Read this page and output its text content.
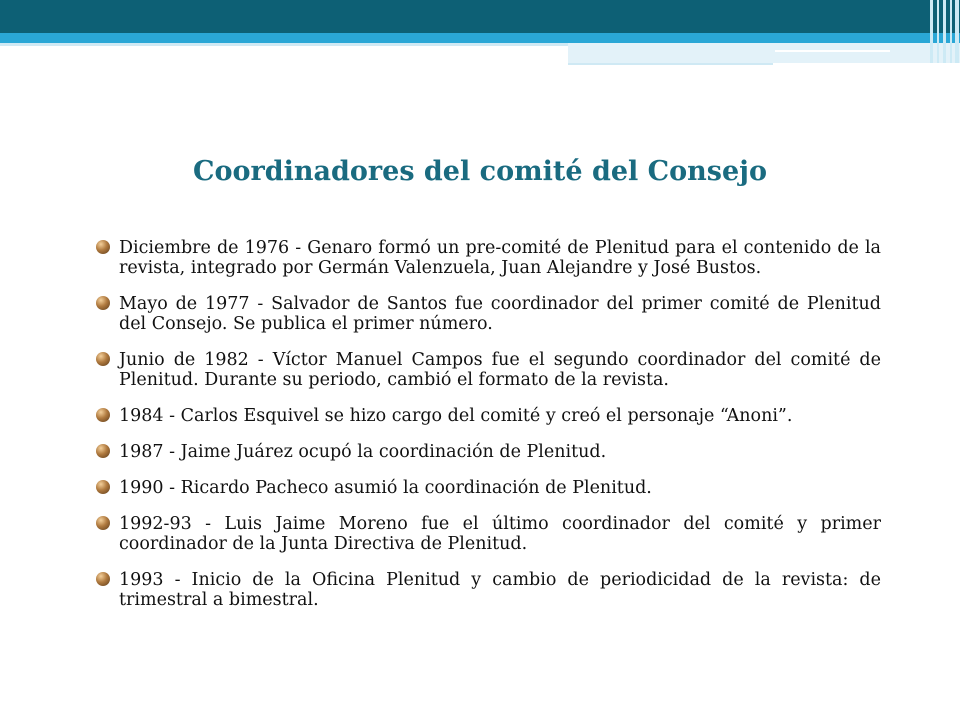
Coordinadores del comité del Consejo
Diciembre de 1976 - Genaro formó un pre-comité de Plenitud para el contenido de la revista, integrado por Germán Valenzuela, Juan Alejandre y José Bustos.
Mayo de 1977 - Salvador de Santos fue coordinador del primer comité de Plenitud del Consejo. Se publica el primer número.
Junio de 1982 - Víctor Manuel Campos fue el segundo coordinador del comité de Plenitud. Durante su periodo, cambió el formato de la revista.
1984 - Carlos Esquivel se hizo cargo del comité y creó el personaje “Anoni”.
1987 - Jaime Juárez ocupó la coordinación de Plenitud.
1990 - Ricardo Pacheco asumió la coordinación de Plenitud.
1992-93 - Luis Jaime Moreno fue el último coordinador del comité y primer coordinador de la Junta Directiva de Plenitud.
1993 - Inicio de la Oficina Plenitud y cambio de periodicidad de la revista: de trimestral a bimestral.
